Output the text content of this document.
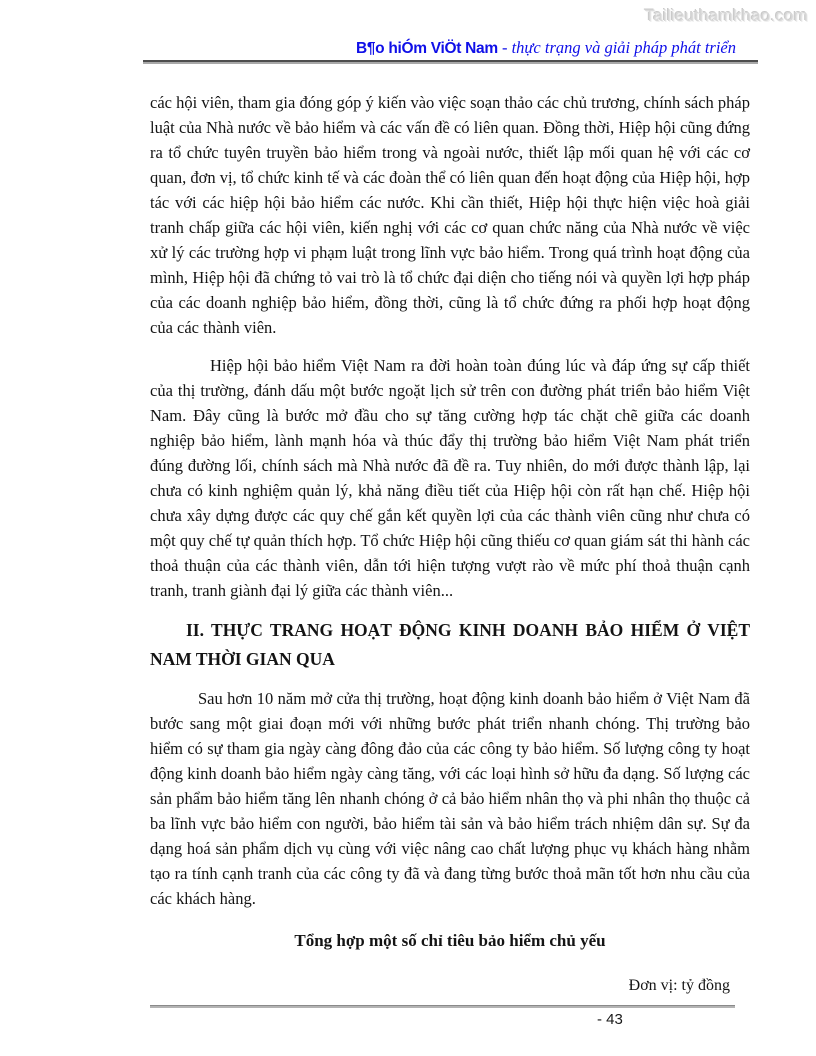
Tailieuthamkhao.com
B¶o hiÓm ViÖt Nam - thực trạng và giải pháp phát triển

các hội viên, tham gia đóng góp ý kiến vào việc soạn thảo các chủ trương, chính sách pháp luật của Nhà nước về bảo hiểm và các vấn đề có liên quan. Đồng thời, Hiệp hội cũng đứng ra tổ chức tuyên truyền bảo hiểm trong và ngoài nước, thiết lập mối quan hệ với các cơ quan, đơn vị, tổ chức kinh tế và các đoàn thể có liên quan đến hoạt động của Hiệp hội, hợp tác với các hiệp hội bảo hiểm các nước. Khi cần thiết, Hiệp hội thực hiện việc hoà giải tranh chấp giữa các hội viên, kiến nghị với các cơ quan chức năng của Nhà nước về việc xử lý các trường hợp vi phạm luật trong lĩnh vực bảo hiểm. Trong quá trình hoạt động của mình, Hiệp hội đã chứng tỏ vai trò là tổ chức đại diện cho tiếng nói và quyền lợi hợp pháp của các doanh nghiệp bảo hiểm, đồng thời, cũng là tổ chức đứng ra phối hợp hoạt động của các thành viên.

Hiệp hội bảo hiểm Việt Nam ra đời hoàn toàn đúng lúc và đáp ứng sự cấp thiết của thị trường, đánh dấu một bước ngoặt lịch sử trên con đường phát triển bảo hiểm Việt Nam. Đây cũng là bước mở đầu cho sự tăng cường hợp tác chặt chẽ giữa các doanh nghiệp bảo hiểm, lành mạnh hóa và thúc đẩy thị trường bảo hiểm Việt Nam phát triển đúng đường lối, chính sách mà Nhà nước đã đề ra. Tuy nhiên, do mới được thành lập, lại chưa có kinh nghiệm quản lý, khả năng điều tiết của Hiệp hội còn rất hạn chế. Hiệp hội chưa xây dựng được các quy chế gắn kết quyền lợi của các thành viên cũng như chưa có một quy chế tự quản thích hợp. Tổ chức Hiệp hội cũng thiếu cơ quan giám sát thi hành các thoả thuận của các thành viên, dẫn tới hiện tượng vượt rào về mức phí thoả thuận cạnh tranh, tranh giành đại lý giữa các thành viên...

II. THỰC TRANG HOẠT ĐỘNG KINH DOANH BẢO HIỂM Ở VIỆT NAM THỜI GIAN QUA

Sau hơn 10 năm mở cửa thị trường, hoạt động kinh doanh bảo hiểm ở Việt Nam đã bước sang một giai đoạn mới với những bước phát triển nhanh chóng. Thị trường bảo hiểm có sự tham gia ngày càng đông đảo của các công ty bảo hiểm. Số lượng công ty hoạt động kinh doanh bảo hiểm ngày càng tăng, với các loại hình sở hữu đa dạng. Số lượng các sản phẩm bảo hiểm tăng lên nhanh chóng ở cả bảo hiểm nhân thọ và phi nhân thọ thuộc cả ba lĩnh vực bảo hiểm con người, bảo hiểm tài sản và bảo hiểm trách nhiệm dân sự. Sự đa dạng hoá sản phẩm dịch vụ cùng với việc nâng cao chất lượng phục vụ khách hàng nhằm tạo ra tính cạnh tranh của các công ty đã và đang từng bước thoả mãn tốt hơn nhu cầu của các khách hàng.

Tổng hợp một số chỉ tiêu bảo hiểm chủ yếu

Đơn vị: tỷ đồng

- 43
